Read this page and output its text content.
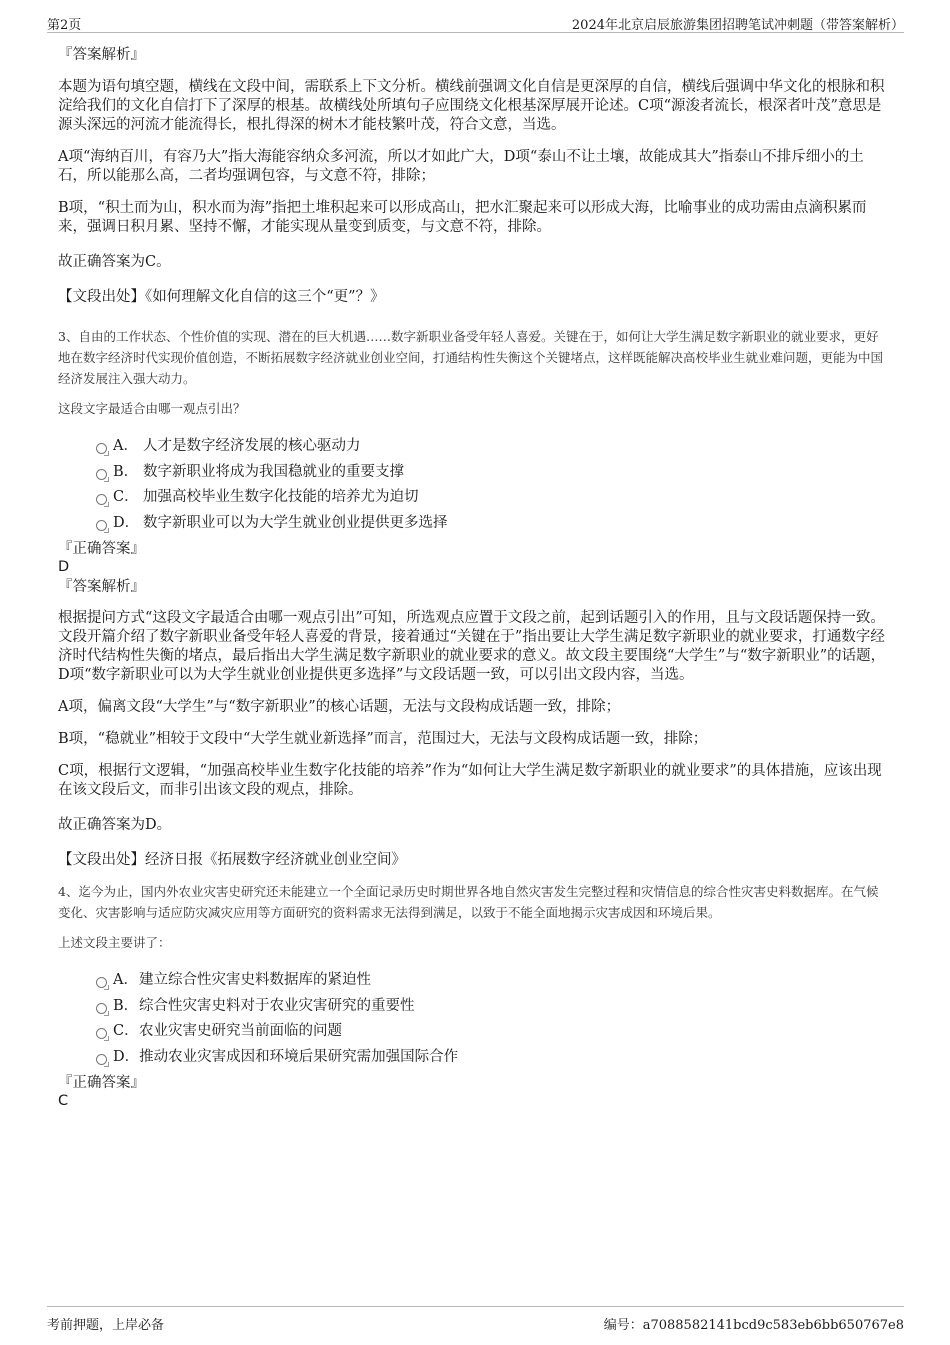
第2页	2024年北京启辰旅游集团招聘笔试冲刺题（带答案解析）
『答案解析』

本题为语句填空题，横线在文段中间，需联系上下文分析。横线前强调文化自信是更深厚的自信，横线后强调中华文化的根脉和积淀给我们的文化自信打下了深厚的根基。故横线处所填句子应围绕文化根基深厚展开论述。C项“源浚者流长，根深者叶茂”意思是源头深远的河流才能流得长，根扎得深的树木才能枝繁叶茂，符合文意，当选。

A项“海纳百川，有容乃大”指大海能容纳众多河流，所以才如此广大，D项“泰山不让土壤，故能成其大”指泰山不排斥细小的土石，所以能那么高，二者均强调包容，与文意不符，排除；

B项，“积土而为山，积水而为海”指把土堆积起来可以形成高山，把水汇聚起来可以形成大海，比喻事业的成功需由点滴积累而来，强调日积月累、坚持不懈，才能实现从量变到质变，与文意不符，排除。

故正确答案为C。

【文段出处】《如何理解文化自信的这三个“更”？》

3、自由的工作状态、个性价值的实现、潜在的巨大机遇……数字新职业备受年轻人喜爱。关键在于，如何让大学生满足数字新职业的就业要求，更好地在数字经济时代实现价值创造，不断拓展数字经济就业创业空间，打通结构性失衡这个关键堵点，这样既能解决高校毕业生就业难问题，更能为中国经济发展注入强大动力。

这段文字最适合由哪一观点引出？

A． 人才是数字经济发展的核心驱动力
B． 数字新职业将成为我国稳就业的重要支撑
C． 加强高校毕业生数字化技能的培养尤为迫切
D． 数字新职业可以为大学生就业创业提供更多选择
『正确答案』
D
『答案解析』

根据提问方式“这段文字最适合由哪一观点引出”可知，所选观点应置于文段之前，起到话题引入的作用，且与文段话题保持一致。文段开篇介绍了数字新职业备受年轻人喜爱的背景，接着通过“关键在于”指出要让大学生满足数字新职业的就业要求，打通数字经济时代结构性失衡的堵点，最后指出大学生满足数字新职业的就业要求的意义。故文段主要围绕“大学生”与“数字新职业”的话题，D项“数字新职业可以为大学生就业创业提供更多选择”与文段话题一致，可以引出文段内容，当选。

A项，偏离文段“大学生”与“数字新职业”的核心话题，无法与文段构成话题一致，排除；

B项，“稳就业”相较于文段中“大学生就业新选择”而言，范围过大，无法与文段构成话题一致，排除；

C项，根据行文逻辑，“加强高校毕业生数字化技能的培养”作为“如何让大学生满足数字新职业的就业要求”的具体措施，应该出现在该文段后文，而非引出该文段的观点，排除。

故正确答案为D。

【文段出处】经济日报《拓展数字经济就业创业空间》

4、迄今为止，国内外农业灾害史研究还未能建立一个全面记录历史时期世界各地自然灾害发生完整过程和灾情信息的综合性灾害史料数据库。在气候变化、灾害影响与适应防灾减灾应用等方面研究的资料需求无法得到满足，以致于不能全面地揭示灾害成因和环境后果。

上述文段主要讲了：

A．建立综合性灾害史料数据库的紧迫性
B．综合性灾害史料对于农业灾害研究的重要性
C．农业灾害史研究当前面临的问题
D．推动农业灾害成因和环境后果研究需加强国际合作
『正确答案』
C
考前押题，上岸必备	编号：a7088582141bcd9c583eb6bb650767e8
